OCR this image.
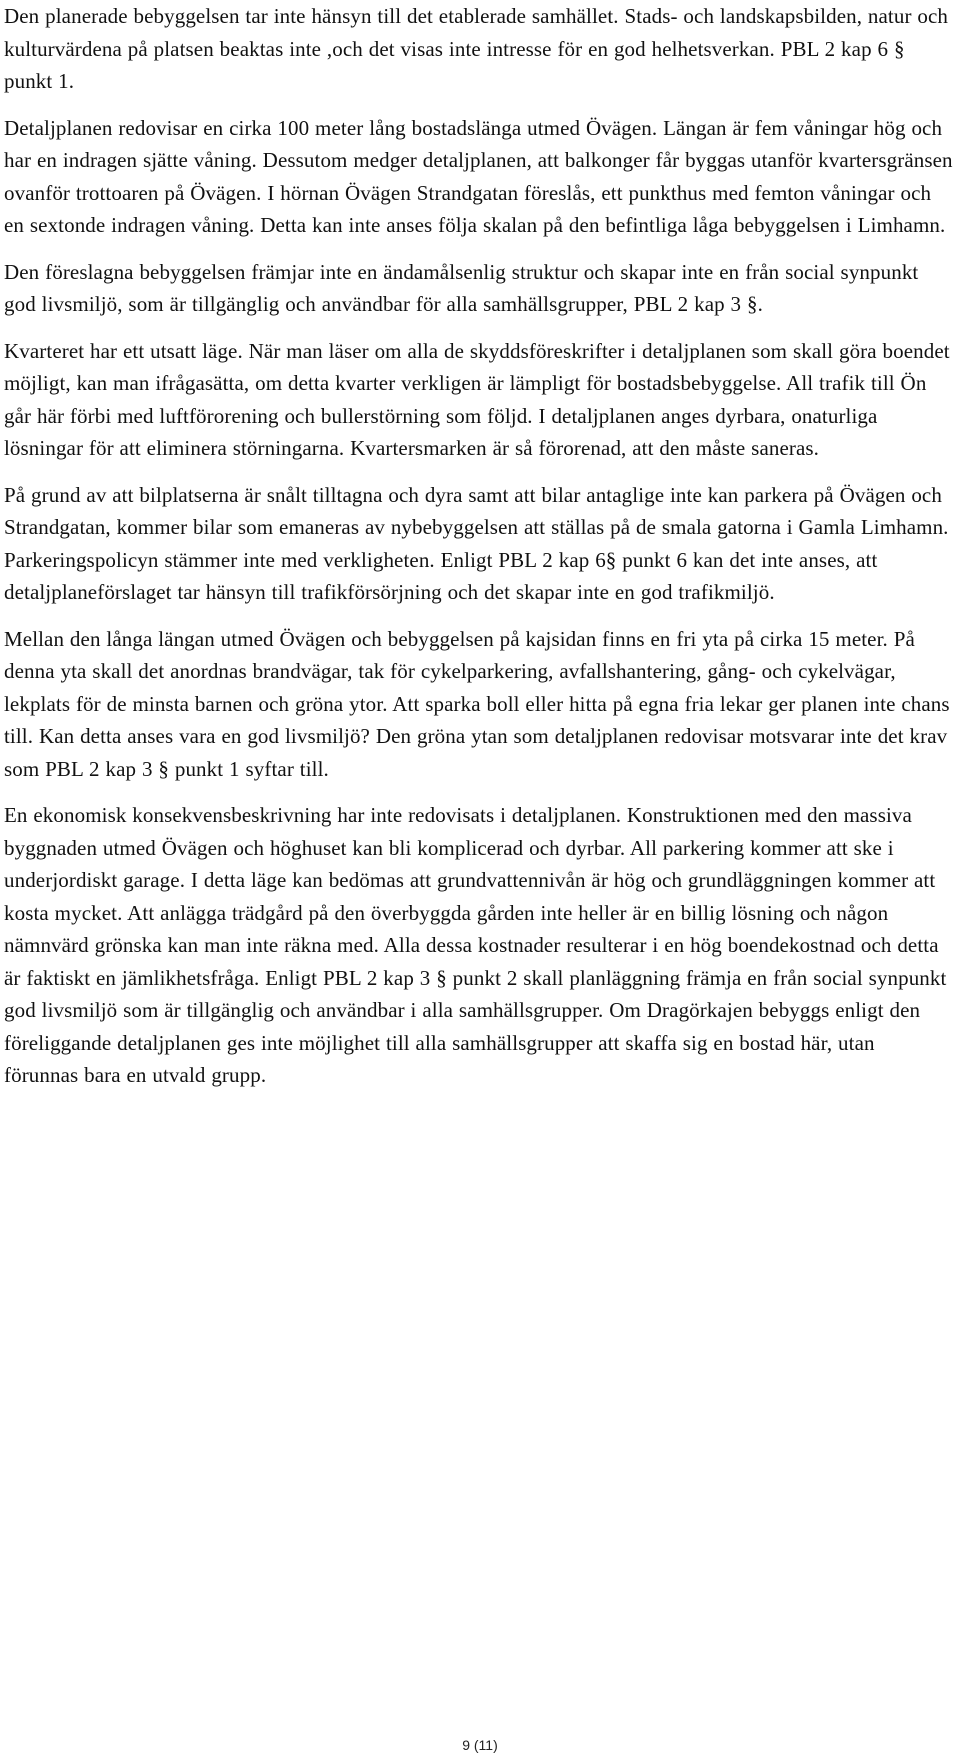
Den planerade bebyggelsen tar inte hänsyn till det etablerade samhället. Stads- och landskapsbilden, natur och kulturvärdena på platsen beaktas inte ,och det visas inte intresse för en god helhetsverkan. PBL 2 kap 6 § punkt 1.

Detaljplanen redovisar en cirka 100 meter lång bostadslänga utmed Övägen. Längan är fem våningar hög och har en indragen sjätte våning. Dessutom medger detaljplanen, att balkonger får byggas utanför kvartersgränsen ovanför trottoaren på Övägen. I hörnan Övägen Strandgatan föreslås, ett punkthus med femton våningar och en sextonde indragen våning. Detta kan inte anses följa skalan på den befintliga låga bebyggelsen i Limhamn.

Den föreslagna bebyggelsen främjar inte en ändamålsenlig struktur och skapar inte en från social synpunkt god livsmiljö, som är tillgänglig och användbar för alla samhällsgrupper, PBL 2 kap 3 §.

Kvarteret har ett utsatt läge. När man läser om alla de skyddsföreskrifter i detaljplanen som skall göra boendet möjligt, kan man ifrågasätta, om detta kvarter verkligen är lämpligt för bostadsbebyggelse. All trafik till Ön går här förbi med luftförorening och bullerstörning som följd. I detaljplanen anges dyrbara, onaturliga lösningar för att eliminera störningarna. Kvartersmarken är så förorenad, att den måste saneras.

På grund av att bilplatserna är snålt tilltagna och dyra samt att bilar antaglige inte kan parkera på Övägen och Strandgatan, kommer bilar som emaneras av nybebyggelsen att ställas på de smala gatorna i Gamla Limhamn. Parkeringspolicyn stämmer inte med verkligheten. Enligt PBL 2 kap 6§ punkt 6 kan det inte anses, att detaljplaneförslaget tar hänsyn till trafikförsörjning och det skapar inte en god trafikmiljö.

Mellan den långa längan utmed Övägen och bebyggelsen på kajsidan finns en fri yta på cirka 15 meter. På denna yta skall det anordnas brandvägar, tak för cykelparkering, avfallshantering, gång- och cykelvägar, lekplats för de minsta barnen och gröna ytor. Att sparka boll eller hitta på egna fria lekar ger planen inte chans till. Kan detta anses vara en god livsmiljö? Den gröna ytan som detaljplanen redovisar motsvarar inte det krav som PBL 2 kap 3 § punkt 1 syftar till.

En ekonomisk konsekvensbeskrivning har inte redovisats i detaljplanen. Konstruktionen med den massiva byggnaden utmed Övägen och höghuset kan bli komplicerad och dyrbar. All parkering kommer att ske i underjordiskt garage. I detta läge kan bedömas att grundvattennivån är hög och grundläggningen kommer att kosta mycket. Att anlägga trädgård på den överbyggda gården inte heller är en billig lösning och någon nämnvärd grönska kan man inte räkna med. Alla dessa kostnader resulterar i en hög boendekostnad och detta är faktiskt en jämlikhetsfråga. Enligt PBL 2 kap 3 § punkt 2 skall planläggning främja en från social synpunkt god livsmiljö som är tillgänglig och användbar i alla samhällsgrupper. Om Dragörkajen bebyggs enligt den föreliggande detaljplanen ges inte möjlighet till alla samhällsgrupper att skaffa sig en bostad här, utan förunnas bara en utvald grupp.

9 (11)
